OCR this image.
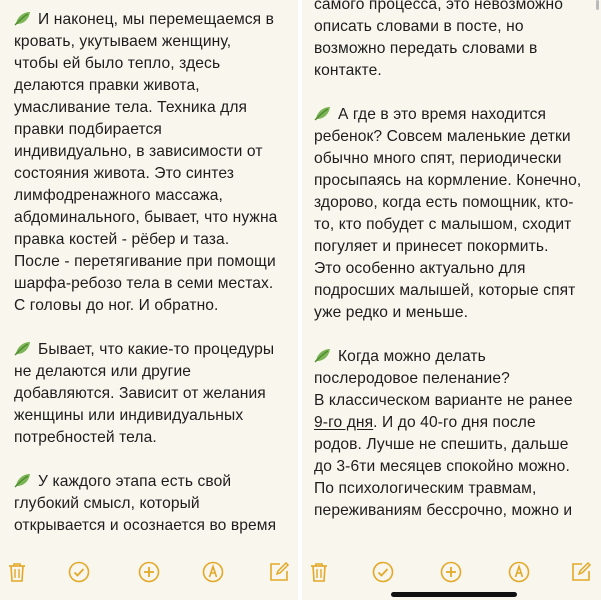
И наконец, мы перемещаемся в
кровать, укутываем женщину,
чтобы ей было тепло, здесь
делаются правки живота,
умасливание тела. Техника для
правки подбирается
индивидуально, в зависимости от
состояния живота. Это синтез
лимфодренажного массажа,
абдоминального, бывает, что нужна
правка костей - рёбер и таза.
После - перетягивание при помощи
шарфа-ребозо тела в семи местах.
С головы до ног. И обратно.
Бывает, что какие-то процедуры
не делаются или другие
добавляются. Зависит от желания
женщины или индивидуальных
потребностей тела.
У каждого этапа есть свой
глубокий смысл, который
открывается и осознается во время
самого процесса, это невозможно
описать словами в посте, но
возможно передать словами в
контакте.
А где в это время находится
ребенок? Совсем маленькие детки
обычно много спят, периодически
просыпаясь на кормление. Конечно,
здорово, когда есть помощник, кто-
то, кто побудет с малышом, сходит
погуляет и принесет покормить.
Это особенно актуально для
подросших малышей, которые спят
уже редко и меньше.
Когда можно делать
послеродовое пеленание?
В классическом варианте не ранее
9-го дня. И до 40-го дня после
родов. Лучше не спешить, дальше
до 3-6ти месяцев спокойно можно.
По психологическим травмам,
переживаниям бессрочно, можно и
